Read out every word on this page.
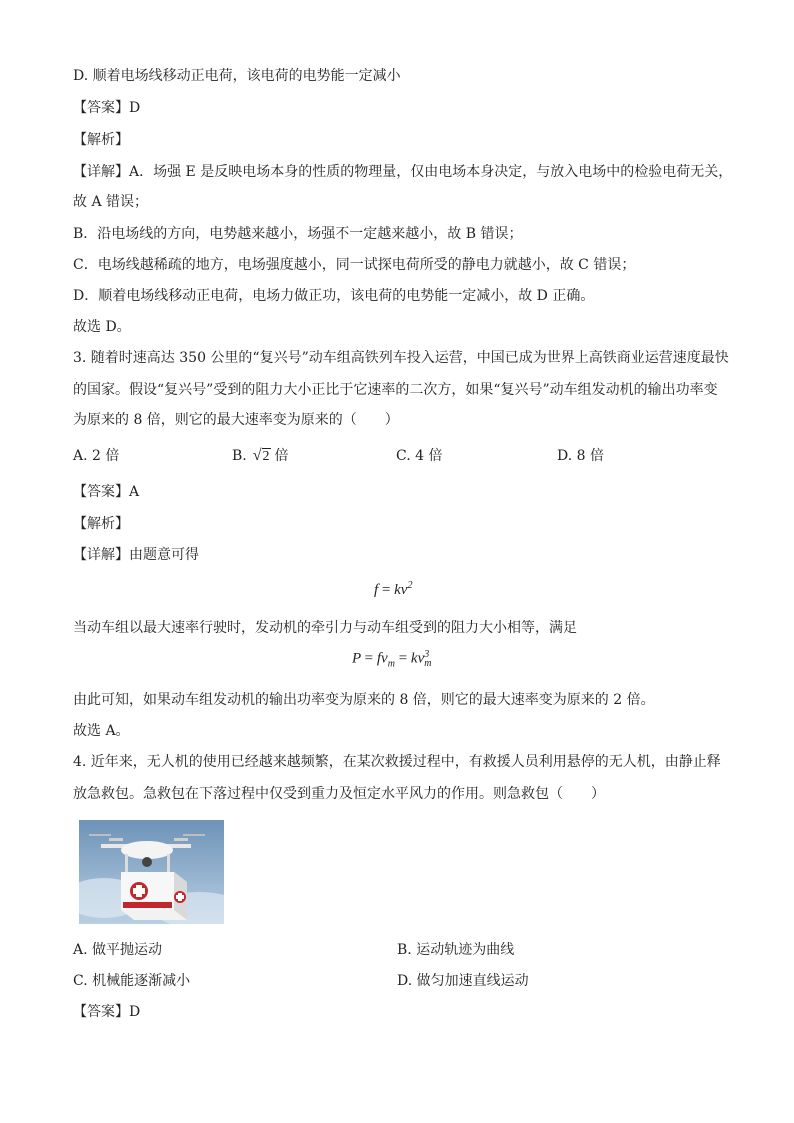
D. 顺着电场线移动正电荷，该电荷的电势能一定减小
【答案】D
【解析】
【详解】A．场强 E 是反映电场本身的性质的物理量，仅由电场本身决定，与放入电场中的检验电荷无关，
故 A 错误；
B．沿电场线的方向，电势越来越小，场强不一定越来越小，故 B 错误；
C．电场线越稀疏的地方，电场强度越小，同一试探电荷所受的静电力就越小，故 C 错误；
D．顺着电场线移动正电荷，电场力做正功，该电荷的电势能一定减小，故 D 正确。
故选 D。
3. 随着时速高达 350 公里的“复兴号”动车组高铁列车投入运营，中国已成为世界上高铁商业运营速度最快
的国家。假设“复兴号”受到的阻力大小正比于它速率的二次方，如果“复兴号”动车组发动机的输出功率变
为原来的 8 倍，则它的最大速率变为原来的（　　）
A. 2 倍	B. √2 倍	C. 4 倍	D. 8 倍
【答案】A
【解析】
【详解】由题意可得
$f = kv^2$
当动车组以最大速率行驶时，发动机的牵引力与动车组受到的阻力大小相等，满足
$P = fv_m$ = kv 3
m
由此可知，如果动车组发动机的输出功率变为原来的 8 倍，则它的最大速率变为原来的 2 倍。
故选 A。
4. 近年来，无人机的使用已经越来越频繁，在某次救援过程中，有救援人员利用悬停的无人机，由静止释
放急救包。急救包在下落过程中仅受到重力及恒定水平风力的作用。则急救包（　　）
A. 做平抛运动	B. 运动轨迹为曲线
C. 机械能逐渐减小	D. 做匀加速直线运动
【答案】D
